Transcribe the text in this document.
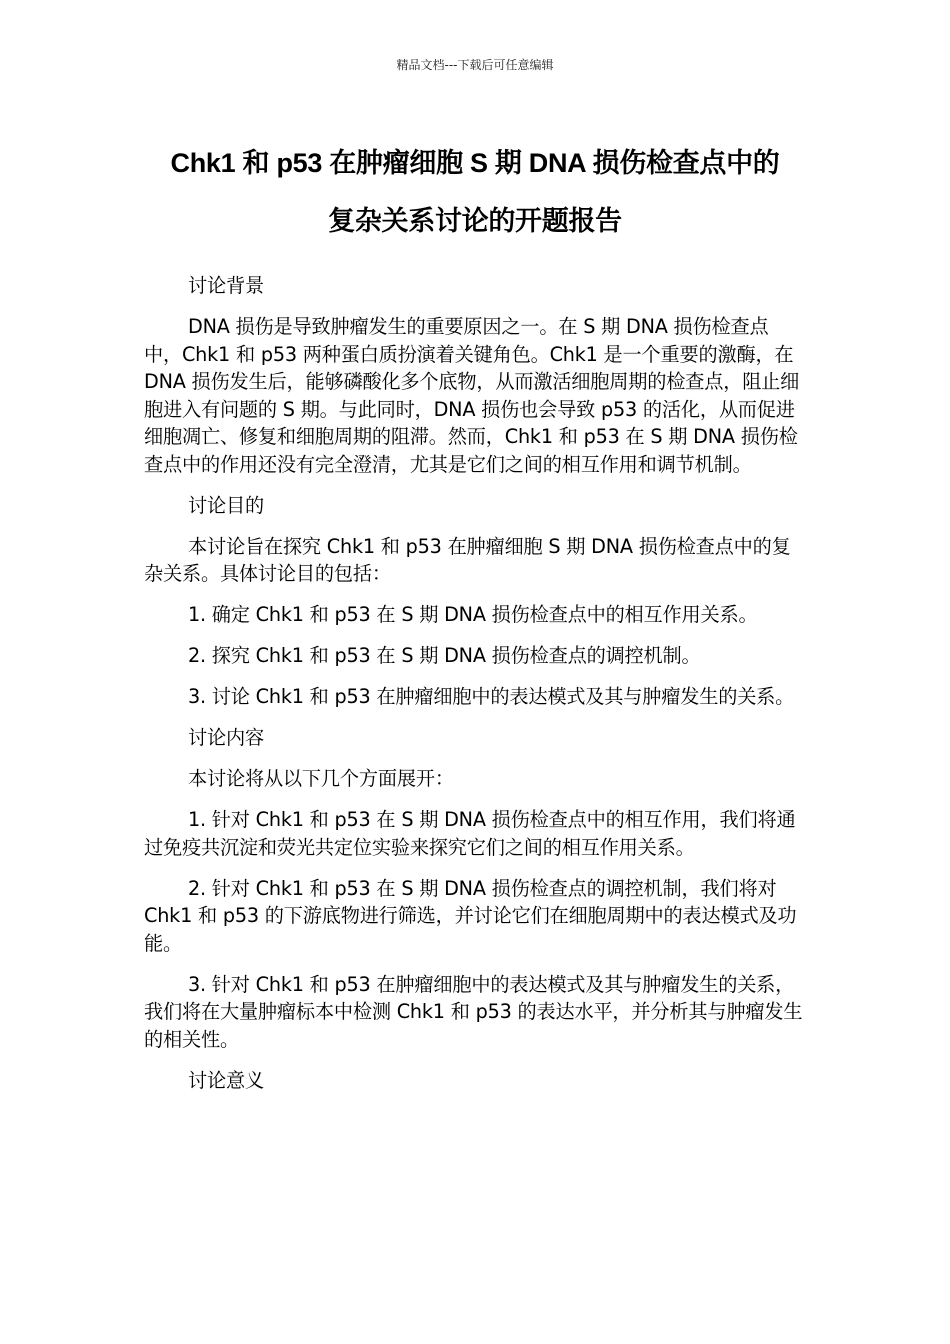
精品文档---下载后可任意编辑
Chk1 和 p53 在肿瘤细胞 S 期 DNA 损伤检查点中的
复杂关系讨论的开题报告

讨论背景

DNA 损伤是导致肿瘤发生的重要原因之一。在 S 期 DNA 损伤检查点中，Chk1 和 p53 两种蛋白质扮演着关键角色。Chk1 是一个重要的激酶，在 DNA 损伤发生后，能够磷酸化多个底物，从而激活细胞周期的检查点，阻止细胞进入有问题的 S 期。与此同时，DNA 损伤也会导致 p53 的活化，从而促进细胞凋亡、修复和细胞周期的阻滞。然而，Chk1 和 p53 在 S 期 DNA 损伤检查点中的作用还没有完全澄清，尤其是它们之间的相互作用和调节机制。

讨论目的

本讨论旨在探究 Chk1 和 p53 在肿瘤细胞 S 期 DNA 损伤检查点中的复杂关系。具体讨论目的包括：

1. 确定 Chk1 和 p53 在 S 期 DNA 损伤检查点中的相互作用关系。

2. 探究 Chk1 和 p53 在 S 期 DNA 损伤检查点的调控机制。

3. 讨论 Chk1 和 p53 在肿瘤细胞中的表达模式及其与肿瘤发生的关系。

讨论内容

本讨论将从以下几个方面展开：

1. 针对 Chk1 和 p53 在 S 期 DNA 损伤检查点中的相互作用，我们将通过免疫共沉淀和荧光共定位实验来探究它们之间的相互作用关系。

2. 针对 Chk1 和 p53 在 S 期 DNA 损伤检查点的调控机制，我们将对 Chk1 和 p53 的下游底物进行筛选，并讨论它们在细胞周期中的表达模式及功能。

3. 针对 Chk1 和 p53 在肿瘤细胞中的表达模式及其与肿瘤发生的关系，我们将在大量肿瘤标本中检测 Chk1 和 p53 的表达水平，并分析其与肿瘤发生的相关性。

讨论意义
